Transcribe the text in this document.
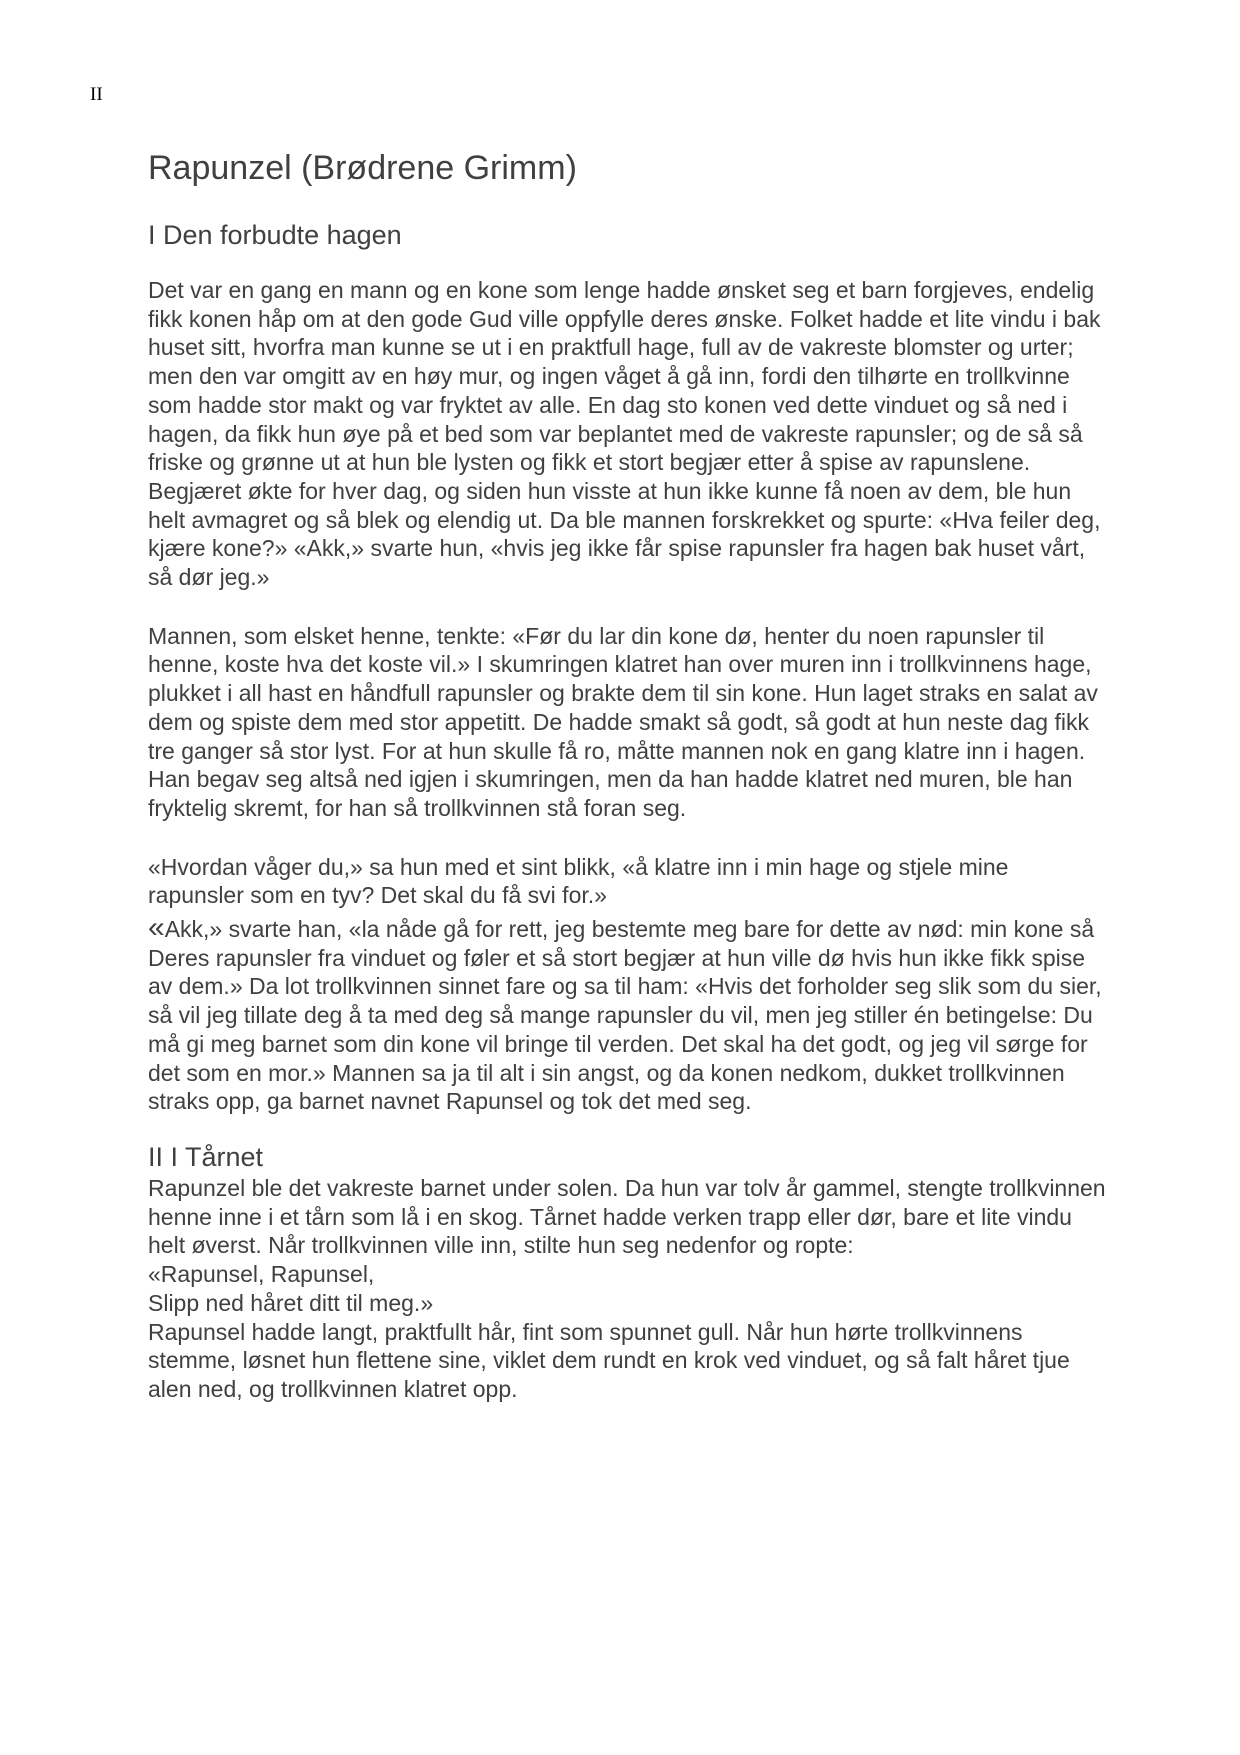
II
Rapunzel (Brødrene Grimm)
I Den forbudte hagen

Det var en gang en mann og en kone som lenge hadde ønsket seg et barn forgjeves, endelig fikk konen håp om at den gode Gud ville oppfylle deres ønske. Folket hadde et lite vindu i bak huset sitt, hvorfra man kunne se ut i en praktfull hage, full av de vakreste blomster og urter; men den var omgitt av en høy mur, og ingen våget å gå inn, fordi den tilhørte en trollkvinne som hadde stor makt og var fryktet av alle. En dag sto konen ved dette vinduet og så ned i hagen, da fikk hun øye på et bed som var beplantet med de vakreste rapunsler; og de så så friske og grønne ut at hun ble lysten og fikk et stort begjær etter å spise av rapunslene. Begjæret økte for hver dag, og siden hun visste at hun ikke kunne få noen av dem, ble hun helt avmagret og så blek og elendig ut. Da ble mannen forskrekket og spurte: «Hva feiler deg, kjære kone?» «Akk,» svarte hun, «hvis jeg ikke får spise rapunsler fra hagen bak huset vårt, så dør jeg.»

Mannen, som elsket henne, tenkte: «Før du lar din kone dø, henter du noen rapunsler til henne, koste hva det koste vil.» I skumringen klatret han over muren inn i trollkvinnens hage, plukket i all hast en håndfull rapunsler og brakte dem til sin kone. Hun laget straks en salat av dem og spiste dem med stor appetitt. De hadde smakt så godt, så godt at hun neste dag fikk tre ganger så stor lyst. For at hun skulle få ro, måtte mannen nok en gang klatre inn i hagen. Han begav seg altså ned igjen i skumringen, men da han hadde klatret ned muren, ble han fryktelig skremt, for han så trollkvinnen stå foran seg.

«Hvordan våger du,» sa hun med et sint blikk, «å klatre inn i min hage og stjele mine rapunsler som en tyv? Det skal du få svi for.»

«Akk,» svarte han, «la nåde gå for rett, jeg bestemte meg bare for dette av nød: min kone så Deres rapunsler fra vinduet og føler et så stort begjær at hun ville dø hvis hun ikke fikk spise av dem.» Da lot trollkvinnen sinnet fare og sa til ham: «Hvis det forholder seg slik som du sier, så vil jeg tillate deg å ta med deg så mange rapunsler du vil, men jeg stiller én betingelse: Du må gi meg barnet som din kone vil bringe til verden. Det skal ha det godt, og jeg vil sørge for det som en mor.» Mannen sa ja til alt i sin angst, og da konen nedkom, dukket trollkvinnen straks opp, ga barnet navnet Rapunsel og tok det med seg.

II I Tårnet

Rapunzel ble det vakreste barnet under solen. Da hun var tolv år gammel, stengte trollkvinnen henne inne i et tårn som lå i en skog. Tårnet hadde verken trapp eller dør, bare et lite vindu helt øverst. Når trollkvinnen ville inn, stilte hun seg nedenfor og ropte:

«Rapunsel, Rapunsel,

Slipp ned håret ditt til meg.»

Rapunsel hadde langt, praktfullt hår, fint som spunnet gull. Når hun hørte trollkvinnens stemme, løsnet hun flettene sine, viklet dem rundt en krok ved vinduet, og så falt håret tjue alen ned, og trollkvinnen klatret opp.
